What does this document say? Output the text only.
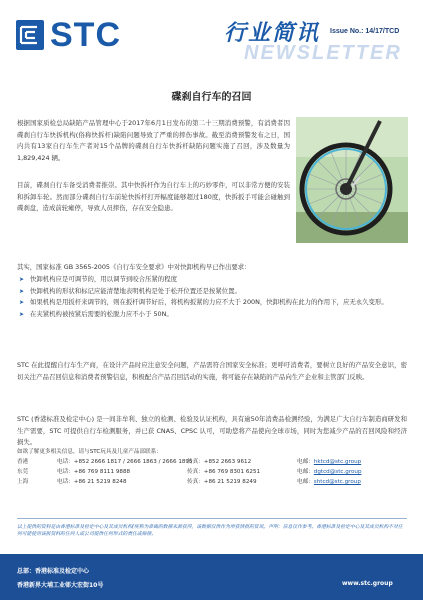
STC	行业简讯
NEWSLETTER
Issue No.: 14/17/TCD
碟刹自行车的召回
根据国家质检总局缺陷产品管理中心于2017年6月1日发布的第二十三期消费预警，有消费者因碟刹自行车快拆机构(俗称快拆杆)缺陷问题导致了严重的摔伤事故。截至消费预警发布之日，国内共有13家自行车生产者对15个品牌的碟刹自行车快拆杆缺陷问题实施了召回，涉及数量为 1,829,424 辆。
目前，碟刹自行车备受消费者推崇。其中快拆杆作为自行车上的巧妙零件，可以非常方便的安装和拆卸车轮。然而部分碟刹自行车前轮快拆杆打开幅度能够超过180度，快拆扳手可能会碰触到碟刹盘，造成前轮瘫停，导致人员摔伤，存在安全隐患。
其实，国家标准 GB 3565-2005《自行车安全要求》中对快卸机构早已作出要求：
➤ 快卸机构应是可调节的，用以调节到咬合压紧的程度
➤ 快卸机构的形状和标记应能清楚地表明机构是处于松开位置还是按紧位置。
➤ 如果机构是用扳杆来调节的，则在扳杆调节好后，将机构扳紧的力应不大于 200N，快卸机构在此力的作用下，应无永久变形。
➤ 在夹紧机构被按紧后需要的松脱力应不小于 50N。
STC 在此提醒自行车生产商，在设计产品时应注意安全问题，产品需符合国家安全标准；更呼吁消费者，要树立良好的产品安全意识，密切关注产品召回信息和消费者预警信息，积极配合产品召回活动的实施，将可能存在缺陷的产品向生产企业和主管部门反映。
STC (香港标准及检定中心) 是一间非牟利、独立的检测、检验及认证机构，具有逾50年消费品检测经验，为满足广大自行车制造商研发和生产需要，STC 可提供自行车检测服务，并已获 CNAS、CPSC 认可，可助您将产品使向全球市场，同时为您减少产品的召回风险和经济损失。
如欲了解更多相关信息，请与STC玩具及儿童产品部联系：
香港	电话：+852 2666 1817 / 2666 1863 / 2666 1895
传真：+852 2663 9612	电邮：hktcd@stc.group
东莞	电话：+86 769 8111 9888	传真：+86 769 8301 6251	电邮：dgtcd@stc.group
上海	电话：+86 21 5219 8248	传真：+86 21 5219 8249	电邮：shtcd@stc.group
以上提供的资料是由香港标准及检定中心及其成员机构(统称为准确的数据来源获得，该数据仅供作为所获情报的资讯。声明：信息仅作参考。香港标准及检定中心及其成员机构不对任何可能使用该报资料的任何人或公司提供任何形式的责任或赔偿。
总部：香港标准及检定中心
香港新界大埔工业邨大宏街10号	www.stc.group
